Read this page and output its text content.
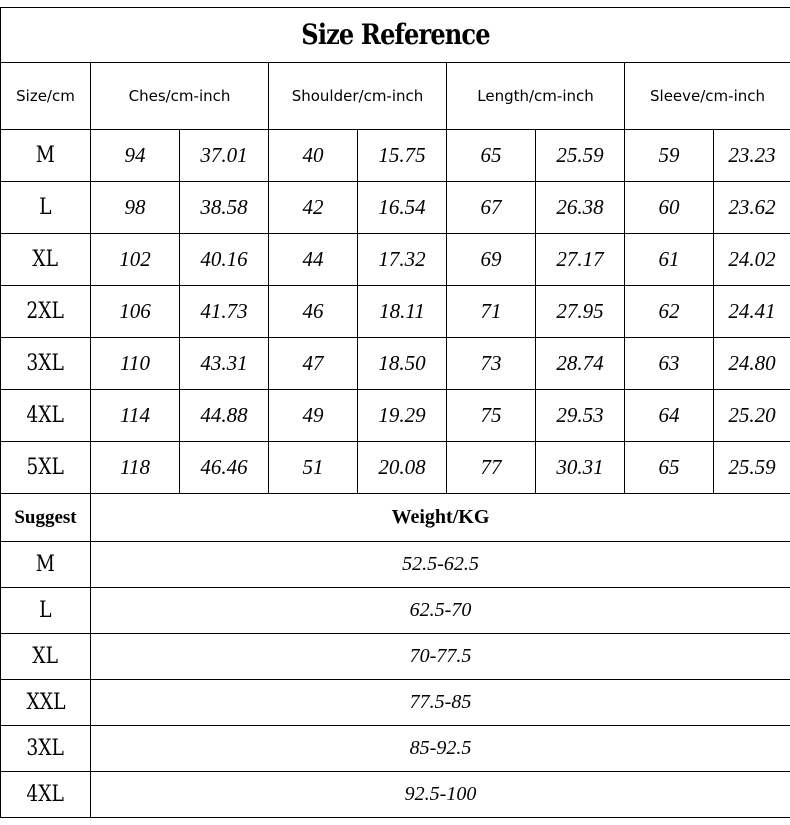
Size Reference
Size/cm	Ches/cm-inch		Shoulder/cm-inch		Length/cm-inch		Sleeve/cm-inch	
M	94	37.01	40	15.75	65	25.59	59	23.23
L	98	38.58	42	16.54	67	26.38	60	23.62
XL	102	40.16	44	17.32	69	27.17	61	24.02
2XL	106	41.73	46	18.11	71	27.95	62	24.41
3XL	110	43.31	47	18.50	73	28.74	63	24.80
4XL	114	44.88	49	19.29	75	29.53	64	25.20
5XL	118	46.46	51	20.08	77	30.31	65	25.59
Suggest	Weight/KG
M	52.5-62.5
L	62.5-70
XL	70-77.5
XXL	77.5-85
3XL	85-92.5
4XL	92.5-100
